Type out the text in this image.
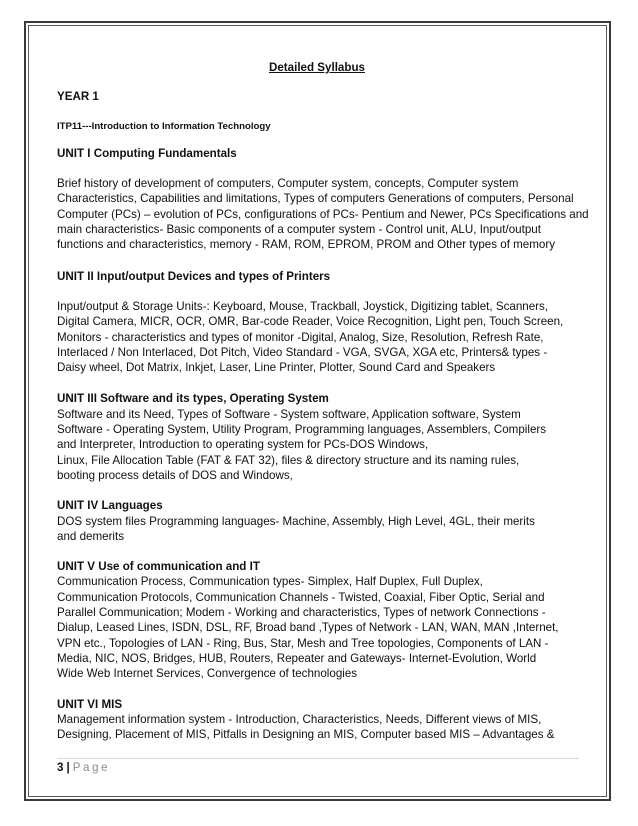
Detailed Syllabus

YEAR 1

ITP11---Introduction to Information Technology

UNIT I Computing Fundamentals

Brief history of development of computers, Computer system, concepts, Computer system
Characteristics, Capabilities and limitations, Types of computers Generations of computers, Personal
Computer (PCs) – evolution of PCs, configurations of PCs- Pentium and Newer, PCs Specifications and
main characteristics- Basic components of a computer system - Control unit, ALU, Input/output
functions and characteristics, memory - RAM, ROM, EPROM, PROM and Other types of memory

UNIT II Input/output Devices and types of Printers

Input/output & Storage Units-: Keyboard, Mouse, Trackball, Joystick, Digitizing tablet, Scanners,
Digital Camera, MICR, OCR, OMR, Bar-code Reader, Voice Recognition, Light pen, Touch Screen,
Monitors - characteristics and types of monitor -Digital, Analog, Size, Resolution, Refresh Rate,
Interlaced / Non Interlaced, Dot Pitch, Video Standard - VGA, SVGA, XGA etc, Printers& types -
Daisy wheel, Dot Matrix, Inkjet, Laser, Line Printer, Plotter, Sound Card and Speakers

UNIT III Software and its types, Operating System

Software and its Need, Types of Software - System software, Application software, System
Software - Operating System, Utility Program, Programming languages, Assemblers, Compilers
and Interpreter, Introduction to operating system for PCs-DOS Windows,
Linux, File Allocation Table (FAT & FAT 32), files & directory structure and its naming rules,
booting process details of DOS and Windows,

UNIT IV Languages

DOS system files Programming languages- Machine, Assembly, High Level, 4GL, their merits
and demerits

UNIT V Use of communication and IT

Communication Process, Communication types- Simplex, Half Duplex, Full Duplex,
Communication Protocols, Communication Channels - Twisted, Coaxial, Fiber Optic, Serial and
Parallel Communication; Modem - Working and characteristics, Types of network Connections -
Dialup, Leased Lines, ISDN, DSL, RF, Broad band ,Types of Network - LAN, WAN, MAN ,Internet,
VPN etc., Topologies of LAN - Ring, Bus, Star, Mesh and Tree topologies, Components of LAN -
Media, NIC, NOS, Bridges, HUB, Routers, Repeater and Gateways- Internet-Evolution, World
Wide Web Internet Services, Convergence of technologies

UNIT VI MIS

Management information system - Introduction, Characteristics, Needs, Different views of MIS,
Designing, Placement of MIS, Pitfalls in Designing an MIS, Computer based MIS – Advantages &

3 | Page
